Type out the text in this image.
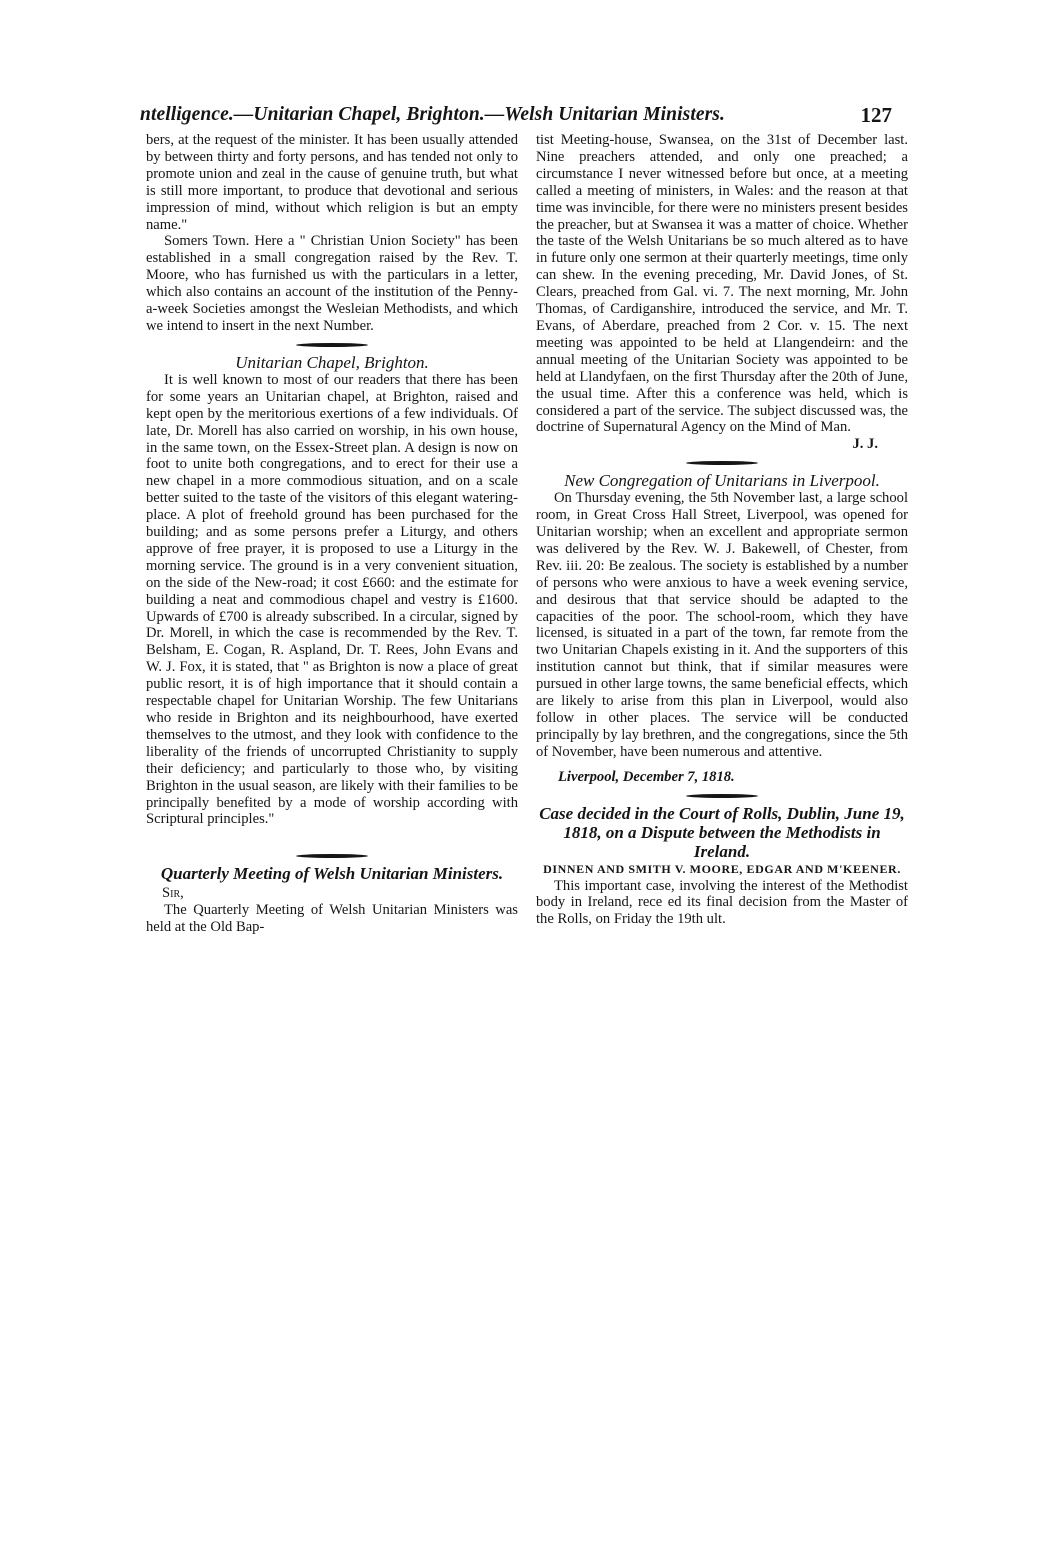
ntelligence.—Unitarian Chapel, Brighton.—Welsh Unitarian Ministers.	127

bers, at the request of the minister. It has been usually attended by between thirty and forty persons, and has tended not only to promote union and zeal in the cause of genuine truth, but what is still more important, to produce that devotional and serious impression of mind, without which religion is but an empty name."

Somers Town. Here a " Christian Union Society" has been established in a small congregation raised by the Rev. T. Moore, who has furnished us with the particulars in a letter, which also contains an account of the institution of the Penny-a-week Societies amongst the Wesleian Methodists, and which we intend to insert in the next Number.

Unitarian Chapel, Brighton.

It is well known to most of our readers that there has been for some years an Unitarian chapel, at Brighton, raised and kept open by the meritorious exertions of a few individuals. Of late, Dr. Morell has also carried on worship, in his own house, in the same town, on the Essex-Street plan. A design is now on foot to unite both congregations, and to erect for their use a new chapel in a more commodious situation, and on a scale better suited to the taste of the visitors of this elegant watering-place. A plot of freehold ground has been purchased for the building; and as some persons prefer a Liturgy, and others approve of free prayer, it is proposed to use a Liturgy in the morning service. The ground is in a very convenient situation, on the side of the New-road; it cost £660: and the estimate for building a neat and commodious chapel and vestry is £1600. Upwards of £700 is already subscribed. In a circular, signed by Dr. Morell, in which the case is recommended by the Rev. T. Belsham, E. Cogan, R. Aspland, Dr. T. Rees, John Evans and W. J. Fox, it is stated, that " as Brighton is now a place of great public resort, it is of high importance that it should contain a respectable chapel for Unitarian Worship. The few Unitarians who reside in Brighton and its neighbourhood, have exerted themselves to the utmost, and they look with confidence to the liberality of the friends of uncorrupted Christianity to supply their deficiency; and particularly to those who, by visiting Brighton in the usual season, are likely with their families to be principally benefited by a mode of worship according with Scriptural principles."

Quarterly Meeting of Welsh Unitarian Ministers.

Sir,

The Quarterly Meeting of Welsh Unitarian Ministers was held at the Old Bap-

tist Meeting-house, Swansea, on the 31st of December last. Nine preachers attended, and only one preached; a circumstance I never witnessed before but once, at a meeting called a meeting of ministers, in Wales: and the reason at that time was invincible, for there were no ministers present besides the preacher, but at Swansea it was a matter of choice. Whether the taste of the Welsh Unitarians be so much altered as to have in future only one sermon at their quarterly meetings, time only can shew. In the evening preceding, Mr. David Jones, of St. Clears, preached from Gal. vi. 7. The next morning, Mr. John Thomas, of Cardiganshire, introduced the service, and Mr. T. Evans, of Aberdare, preached from 2 Cor. v. 15. The next meeting was appointed to be held at Llangendeirn: and the annual meeting of the Unitarian Society was appointed to be held at Llandyfaen, on the first Thursday after the 20th of June, the usual time. After this a conference was held, which is considered a part of the service. The subject discussed was, the doctrine of Supernatural Agency on the Mind of Man.

J. J.

New Congregation of Unitarians in Liverpool.

On Thursday evening, the 5th November last, a large school room, in Great Cross Hall Street, Liverpool, was opened for Unitarian worship; when an excellent and appropriate sermon was delivered by the Rev. W. J. Bakewell, of Chester, from Rev. iii. 20: Be zealous. The society is established by a number of persons who were anxious to have a week evening service, and desirous that that service should be adapted to the capacities of the poor. The school-room, which they have licensed, is situated in a part of the town, far remote from the two Unitarian Chapels existing in it. And the supporters of this institution cannot but think, that if similar measures were pursued in other large towns, the same beneficial effects, which are likely to arise from this plan in Liverpool, would also follow in other places. The service will be conducted principally by lay brethren, and the congregations, since the 5th of November, have been numerous and attentive.

Liverpool, December 7, 1818.

Case decided in the Court of Rolls, Dublin, June 19, 1818, on a Dispute between the Methodists in Ireland.

DINNEN AND SMITH V. MOORE, EDGAR AND M'KEENER.

This important case, involving the interest of the Methodist body in Ireland, rece ed its final decision from the Master of the Rolls, on Friday the 19th ult.
